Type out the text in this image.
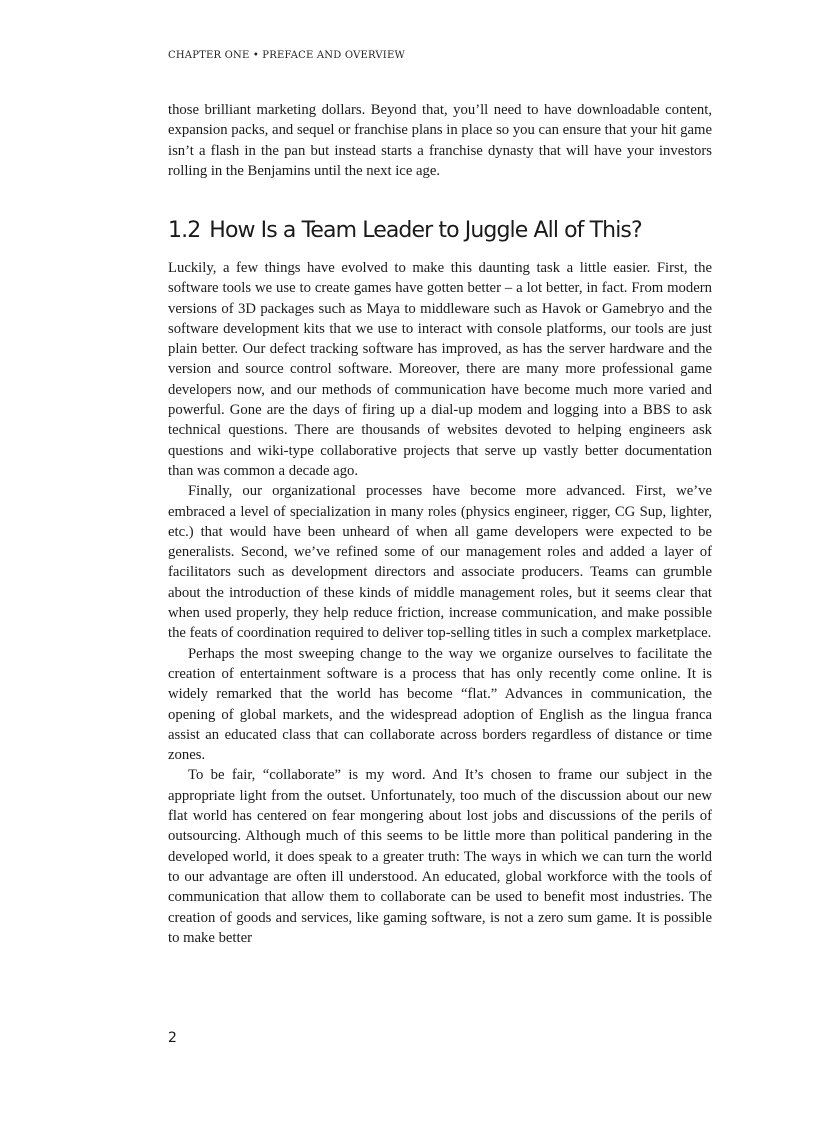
CHAPTER ONE • PREFACE AND OVERVIEW

those brilliant marketing dollars. Beyond that, you’ll need to have downloadable content, expansion packs, and sequel or franchise plans in place so you can ensure that your hit game isn’t a flash in the pan but instead starts a franchise dynasty that will have your investors rolling in the Benjamins until the next ice age.

1.2 How Is a Team Leader to Juggle All of This?

Luckily, a few things have evolved to make this daunting task a little easier. First, the software tools we use to create games have gotten better – a lot better, in fact. From modern versions of 3D packages such as Maya to middleware such as Havok or Gamebryo and the software development kits that we use to interact with console platforms, our tools are just plain better. Our defect tracking software has improved, as has the server hardware and the version and source control software. Moreover, there are many more professional game developers now, and our methods of communication have become much more varied and powerful. Gone are the days of firing up a dial-up modem and logging into a BBS to ask technical questions. There are thousands of websites devoted to helping engineers ask questions and wiki-type collaborative projects that serve up vastly better documentation than was common a decade ago.

Finally, our organizational processes have become more advanced. First, we’ve embraced a level of specialization in many roles (physics engineer, rigger, CG Sup, lighter, etc.) that would have been unheard of when all game developers were expected to be generalists. Second, we’ve refined some of our management roles and added a layer of facilitators such as development directors and associate producers. Teams can grumble about the introduction of these kinds of middle management roles, but it seems clear that when used properly, they help reduce friction, increase communication, and make possible the feats of coordination required to deliver top-selling titles in such a complex marketplace.

Perhaps the most sweeping change to the way we organize ourselves to facilitate the creation of entertainment software is a process that has only recently come online. It is widely remarked that the world has become “flat.” Advances in communication, the opening of global markets, and the widespread adoption of English as the lingua franca assist an educated class that can collaborate across borders regardless of distance or time zones.

To be fair, “collaborate” is my word. And It’s chosen to frame our subject in the appropriate light from the outset. Unfortunately, too much of the discussion about our new flat world has centered on fear mongering about lost jobs and discussions of the perils of outsourcing. Although much of this seems to be little more than political pandering in the developed world, it does speak to a greater truth: The ways in which we can turn the world to our advantage are often ill understood. An educated, global workforce with the tools of communication that allow them to collaborate can be used to benefit most industries. The creation of goods and services, like gaming software, is not a zero sum game. It is possible to make better

2
